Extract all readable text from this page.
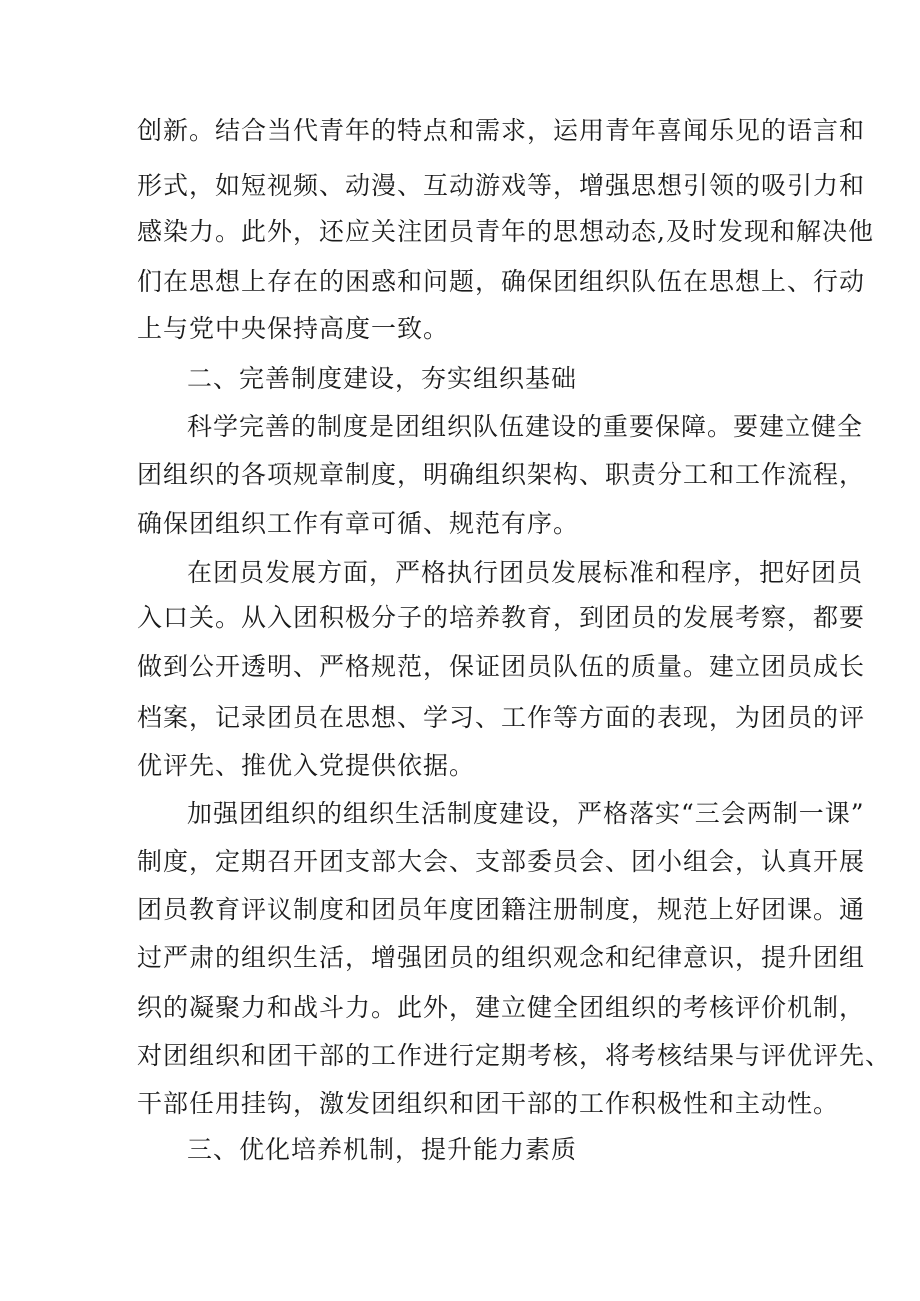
创新。结合当代青年的特点和需求，运用青年喜闻乐见的语言和
形式，如短视频、动漫、互动游戏等，增强思想引领的吸引力和
感染力。此外，还应关注团员青年的思想动态,及时发现和解决他
们在思想上存在的困惑和问题，确保团组织队伍在思想上、行动
上与党中央保持高度一致。
二、完善制度建设，夯实组织基础
科学完善的制度是团组织队伍建设的重要保障。要建立健全
团组织的各项规章制度，明确组织架构、职责分工和工作流程，
确保团组织工作有章可循、规范有序。
在团员发展方面，严格执行团员发展标准和程序，把好团员
入口关。从入团积极分子的培养教育，到团员的发展考察，都要
做到公开透明、严格规范，保证团员队伍的质量。建立团员成长
档案，记录团员在思想、学习、工作等方面的表现，为团员的评
优评先、推优入党提供依据。
加强团组织的组织生活制度建设，严格落实“三会两制一课”
制度，定期召开团支部大会、支部委员会、团小组会，认真开展
团员教育评议制度和团员年度团籍注册制度，规范上好团课。通
过严肃的组织生活，增强团员的组织观念和纪律意识，提升团组
织的凝聚力和战斗力。此外，建立健全团组织的考核评价机制，
对团组织和团干部的工作进行定期考核，将考核结果与评优评先、
干部任用挂钩，激发团组织和团干部的工作积极性和主动性。
三、优化培养机制，提升能力素质
